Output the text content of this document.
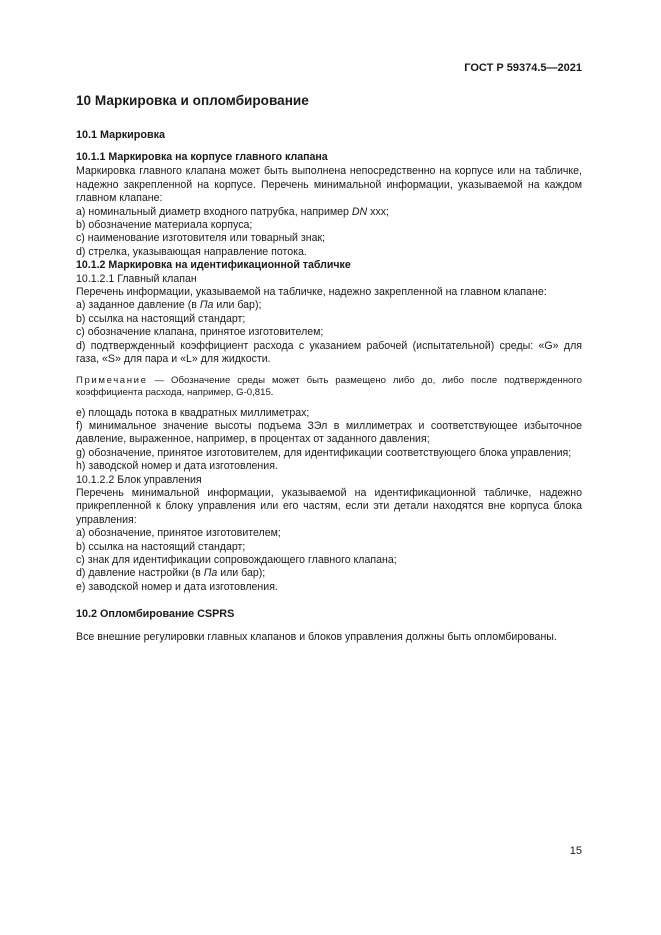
ГОСТ Р 59374.5—2021
10 Маркировка и опломбирование
10.1 Маркировка

10.1.1 Маркировка на корпусе главного клапана

Маркировка главного клапана может быть выполнена непосредственно на корпусе или на табличке, надежно закрепленной на корпусе. Перечень минимальной информации, указываемой на каждом главном клапане:

a) номинальный диаметр входного патрубка, например DN ххх;

b) обозначение материала корпуса;

c) наименование изготовителя или товарный знак;

d) стрелка, указывающая направление потока.

10.1.2 Маркировка на идентификационной табличке

10.1.2.1 Главный клапан

Перечень информации, указываемой на табличке, надежно закрепленной на главном клапане:

a) заданное давление (в Па или бар);

b) ссылка на настоящий стандарт;

c) обозначение клапана, принятое изготовителем;

d) подтвержденный коэффициент расхода с указанием рабочей (испытательной) среды: «G» для газа, «S» для пара и «L» для жидкости.

Примечание — Обозначение среды может быть размещено либо до, либо после подтвержденного коэффициента расхода, например, G-0,815.

e) площадь потока в квадратных миллиметрах;

f) минимальное значение высоты подъема ЗЭл в миллиметрах и соответствующее избыточное давление, выраженное, например, в процентах от заданного давления;

g) обозначение, принятое изготовителем, для идентификации соответствующего блока управления;

h) заводской номер и дата изготовления.

10.1.2.2 Блок управления

Перечень минимальной информации, указываемой на идентификационной табличке, надежно прикрепленной к блоку управления или его частям, если эти детали находятся вне корпуса блока управления:

a) обозначение, принятое изготовителем;

b) ссылка на настоящий стандарт;

c) знак для идентификации сопровождающего главного клапана;

d) давление настройки (в Па или бар);

e) заводской номер и дата изготовления.

10.2 Опломбирование CSPRS

Все внешние регулировки главных клапанов и блоков управления должны быть опломбированы.

15
